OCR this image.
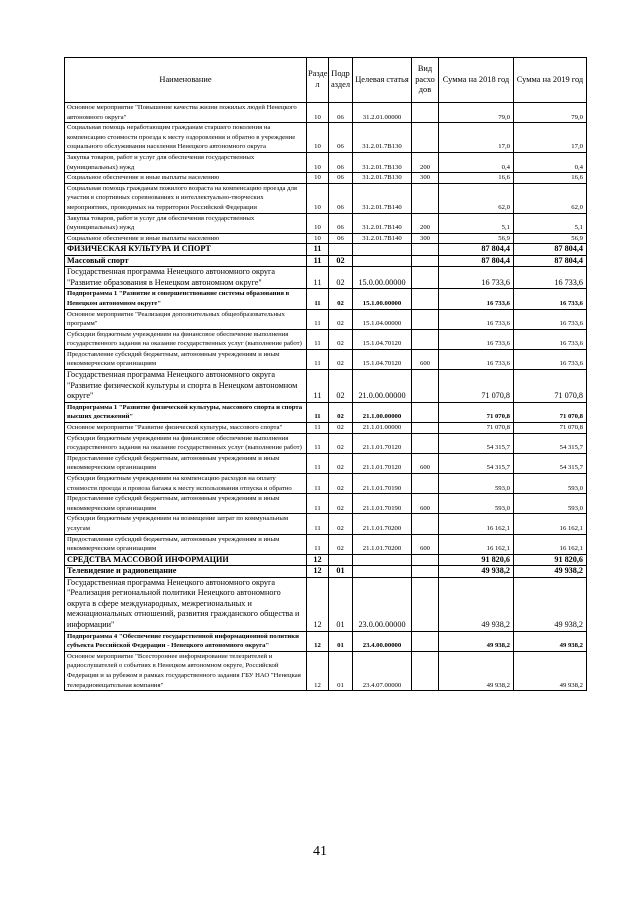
Наименование	Разде л	Подр аздел	Целевая статья	Вид расхо дов	Сумма на 2018 год	Сумма на 2019 год
Основное мероприятие "Повышение качества жизни пожилых людей Ненецкого автономного округа"	10	06	31.2.01.00000		79,0	79,0
Социальная помощь неработающим гражданам старшего поколения на компенсацию стоимости проезда к месту оздоровления и обратно в учреждение социального обслуживания населения Ненецкого автономного округа	10	06	31.2.01.7В130		17,0	17,0
Закупка товаров, работ и услуг для обеспечения государственных (муниципальных) нужд	10	06	31.2.01.7В130	200	0,4	0,4
Социальное обеспечение и иные выплаты населению	10	06	31.2.01.7В130	300	16,6	16,6
Социальная помощь гражданам пожилого возраста на компенсацию проезда для участия в спортивных соревнованиях и интеллектуально-творческих мероприятиях, проводимых на территории Российской Федерации	10	06	31.2.01.7В140		62,0	62,0
Закупка товаров, работ и услуг для обеспечения государственных (муниципальных) нужд	10	06	31.2.01.7В140	200	5,1	5,1
Социальное обеспечение и иные выплаты населению	10	06	31.2.01.7В140	300	56,9	56,9
ФИЗИЧЕСКАЯ КУЛЬТУРА И СПОРТ	11				87 804,4	87 804,4
Массовый спорт	11	02			87 804,4	87 804,4
Государственная программа Ненецкого автономного округа "Развитие образования в Ненецком автономном округе"	11	02	15.0.00.00000		16 733,6	16 733,6
Подпрограмма 1 "Развитие и совершенствование системы образования в Ненецком автономном округе"	11	02	15.1.00.00000		16 733,6	16 733,6
Основное мероприятие "Реализация дополнительных общеобразовательных программ"	11	02	15.1.04.00000		16 733,6	16 733,6
Субсидии бюджетным учреждениям на финансовое обеспечение выполнения государственного задания на оказание государственных услуг (выполнение работ)	11	02	15.1.04.70120		16 733,6	16 733,6
Предоставление субсидий бюджетным, автономным учреждениям и иным некоммерческим организациям	11	02	15.1.04.70120	600	16 733,6	16 733,6
Государственная программа Ненецкого автономного округа "Развитие физической культуры и спорта в Ненецком автономном округе"	11	02	21.0.00.00000		71 070,8	71 070,8
Подпрограмма 1 "Развитие физической культуры, массового спорта и спорта высших достижений"	11	02	21.1.00.00000		71 070,8	71 070,8
Основное мероприятие "Развитие физической культуры, массового спорта"	11	02	21.1.01.00000		71 070,8	71 070,8
Субсидии бюджетным учреждениям на финансовое обеспечение выполнения государственного задания на оказание государственных услуг (выполнение работ)	11	02	21.1.01.70120		54 315,7	54 315,7
Предоставление субсидий бюджетным, автономным учреждениям и иным некоммерческим организациям	11	02	21.1.01.70120	600	54 315,7	54 315,7
Субсидии бюджетным учреждениям на компенсацию расходов на оплату стоимости проезда и провоза багажа к месту использования отпуска и обратно	11	02	21.1.01.70190		593,0	593,0
Предоставление субсидий бюджетным, автономным учреждениям и иным некоммерческим организациям	11	02	21.1.01.70190	600	593,0	593,0
Субсидии бюджетным учреждениям на возмещение затрат по коммунальным услугам	11	02	21.1.01.70200		16 162,1	16 162,1
Предоставление субсидий бюджетным, автономным учреждениям и иным некоммерческим организациям	11	02	21.1.01.70200	600	16 162,1	16 162,1
СРЕДСТВА МАССОВОЙ ИНФОРМАЦИИ	12				91 820,6	91 820,6
Телевидение и радиовещание	12	01			49 938,2	49 938,2
Государственная программа Ненецкого автономного округа "Реализация региональной политики Ненецкого автономного округа в сфере международных, межрегиональных и межнациональных отношений, развития гражданского общества и информации"	12	01	23.0.00.00000		49 938,2	49 938,2
Подпрограмма 4 "Обеспечение государственной информационной политики субъекта Российской Федерации - Ненецкого автономного округа"	12	01	23.4.00.00000		49 938,2	49 938,2
Основное мероприятие "Всестороннее информирование телезрителей и радиослушателей о событиях в Ненецком автономном округе, Российской Федерации и за рубежом в рамках государственного задания ГБУ НАО "Ненецкая телерадиовещательная компания"	12	01	23.4.07.00000		49 938,2	49 938,2
41
